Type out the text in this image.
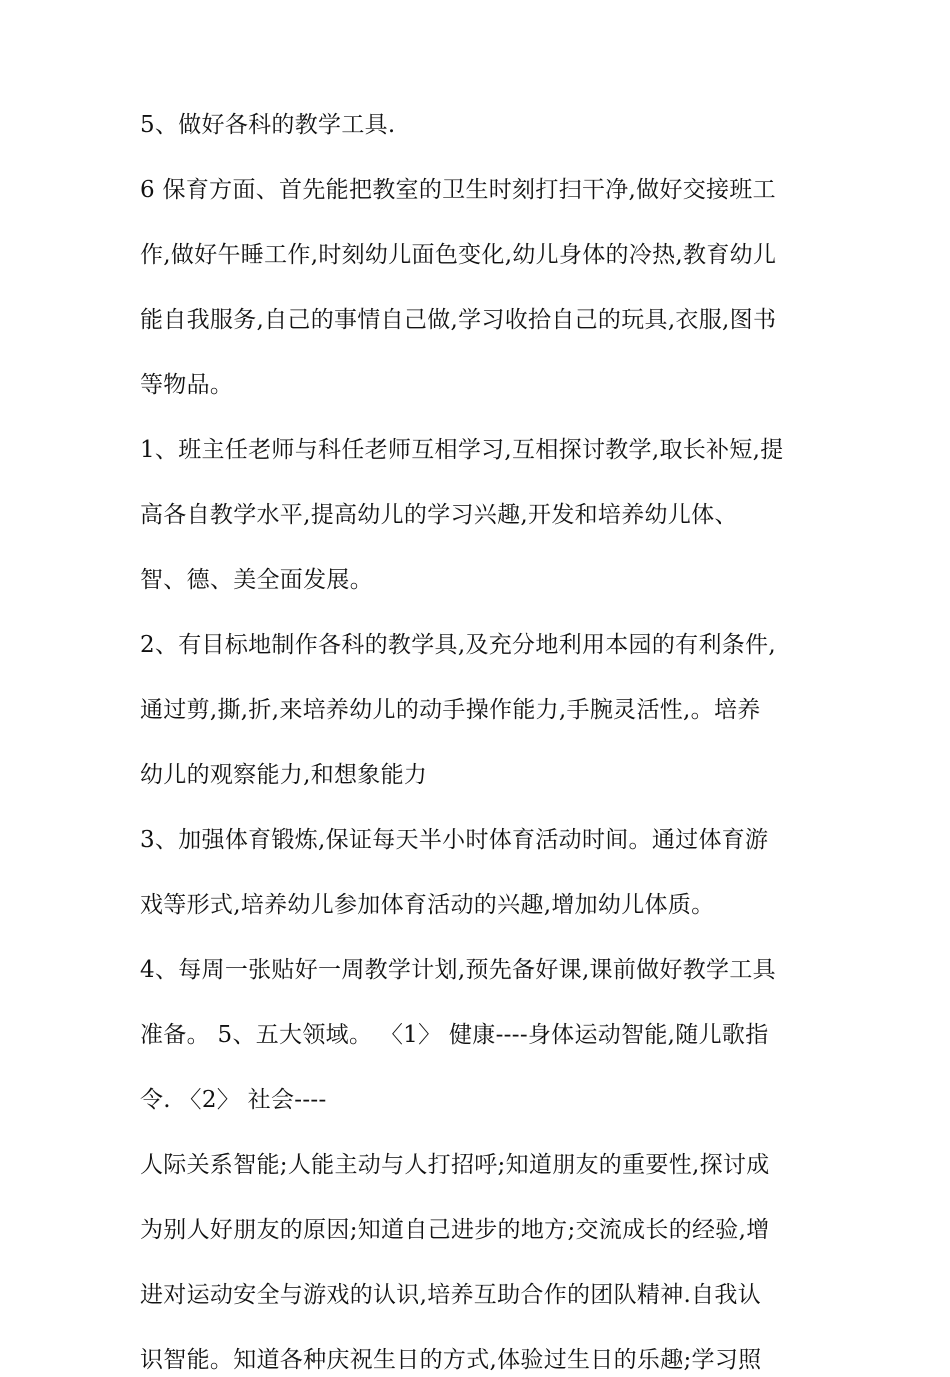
5、做好各科的教学工具.
6 保育方面、首先能把教室的卫生时刻打扫干净,做好交接班工
作,做好午睡工作,时刻幼儿面色变化,幼儿身体的冷热,教育幼儿
能自我服务,自己的事情自己做,学习收拾自己的玩具,衣服,图书
等物品。
1、班主任老师与科任老师互相学习,互相探讨教学,取长补短,提
高各自教学水平,提高幼儿的学习兴趣,开发和培养幼儿体、
智、德、美全面发展。
2、有目标地制作各科的教学具,及充分地利用本园的有利条件,
通过剪,撕,折,来培养幼儿的动手操作能力,手腕灵活性,。培养
幼儿的观察能力,和想象能力
3、加强体育锻炼,保证每天半小时体育活动时间。通过体育游
戏等形式,培养幼儿参加体育活动的兴趣,增加幼儿体质。
4、每周一张贴好一周教学计划,预先备好课,课前做好教学工具
准备。 5、五大领域。 〈1〉 健康----身体运动智能,随儿歌指
令. 〈2〉 社会----
人际关系智能;人能主动与人打招呼;知道朋友的重要性,探讨成
为别人好朋友的原因;知道自己进步的地方;交流成长的经验,增
进对运动安全与游戏的认识,培养互助合作的团队精神.自我认
识智能。知道各种庆祝生日的方式,体验过生日的乐趣;学习照
